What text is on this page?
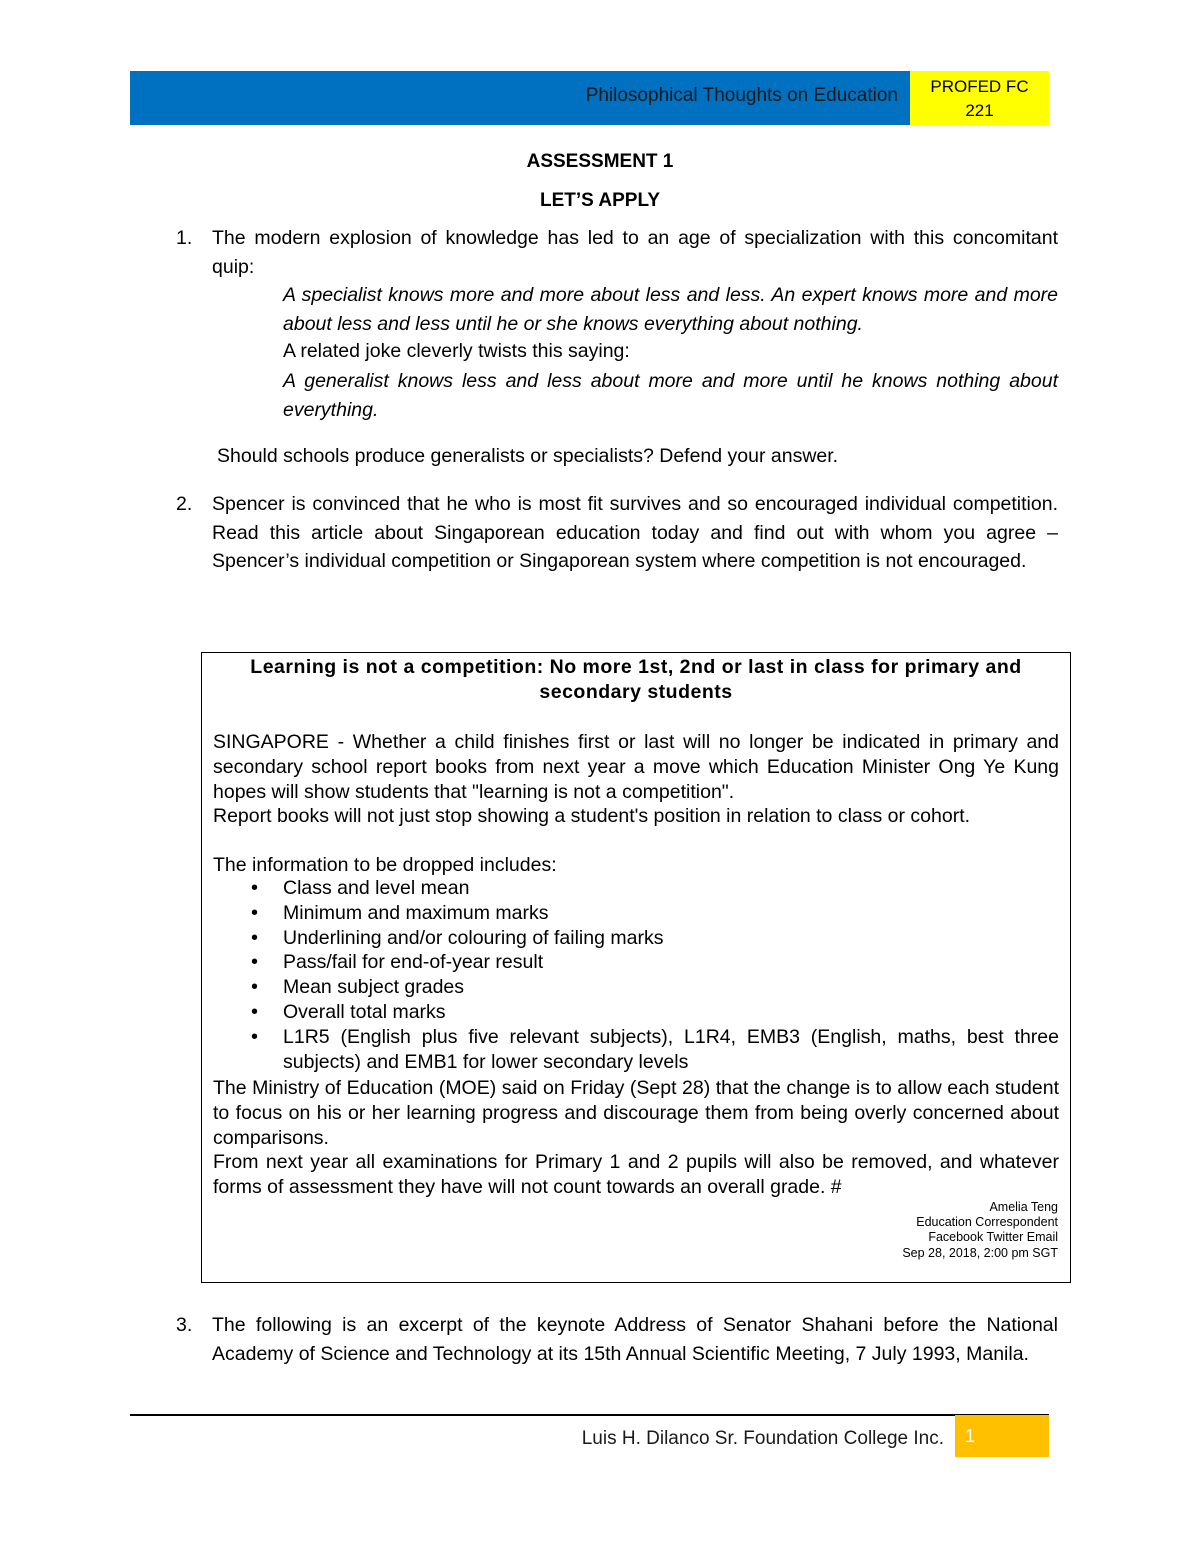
Philosophical Thoughts on Education	PROFED FC
221
ASSESSMENT 1
LET’S APPLY
1. The modern explosion of knowledge has led to an age of specialization with this concomitant quip:
A specialist knows more and more about less and less. An expert knows more and more about less and less until he or she knows everything about nothing.
A related joke cleverly twists this saying:
A generalist knows less and less about more and more until he knows nothing about everything.
Should schools produce generalists or specialists? Defend your answer.
2. Spencer is convinced that he who is most fit survives and so encouraged individual competition. Read this article about Singaporean education today and find out with whom you agree – Spencer’s individual competition or Singaporean system where competition is not encouraged.
Learning is not a competition: No more 1st, 2nd or last in class for primary and secondary students
SINGAPORE - Whether a child finishes first or last will no longer be indicated in primary and secondary school report books from next year a move which Education Minister Ong Ye Kung hopes will show students that "learning is not a competition".
Report books will not just stop showing a student's position in relation to class or cohort.
The information to be dropped includes:
• Class and level mean
• Minimum and maximum marks
• Underlining and/or colouring of failing marks
• Pass/fail for end-of-year result
• Mean subject grades
• Overall total marks
• L1R5 (English plus five relevant subjects), L1R4, EMB3 (English, maths, best three subjects) and EMB1 for lower secondary levels
The Ministry of Education (MOE) said on Friday (Sept 28) that the change is to allow each student to focus on his or her learning progress and discourage them from being overly concerned about comparisons.
From next year all examinations for Primary 1 and 2 pupils will also be removed, and whatever forms of assessment they have will not count towards an overall grade. #
Amelia Teng
Education Correspondent
Facebook Twitter Email
Sep 28, 2018, 2:00 pm SGT
3. The following is an excerpt of the keynote Address of Senator Shahani before the National Academy of Science and Technology at its 15th Annual Scientific Meeting, 7 July 1993, Manila.
Luis H. Dilanco Sr. Foundation College Inc.	1
